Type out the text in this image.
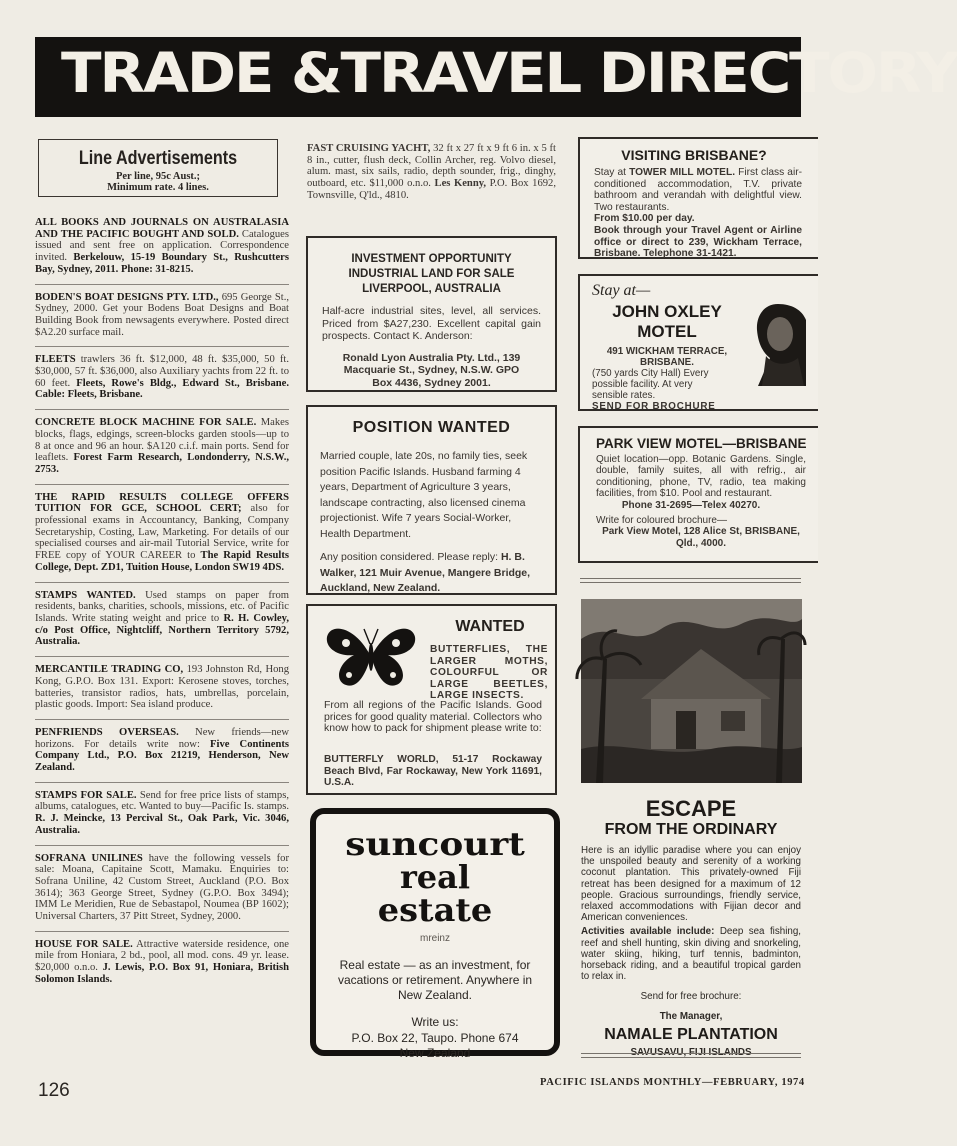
TRADE &TRAVEL DIRECTORY
Line Advertisements
Per line, 95c Aust.;
Minimum rate. 4 lines.

ALL BOOKS AND JOURNALS ON AUSTRALASIA AND THE PACIFIC BOUGHT AND SOLD. Catalogues issued and sent free on application. Correspondence invited. Berkelouw, 15-19 Boundary St., Rushcutters Bay, Sydney, 2011. Phone: 31-8215.

BODEN'S BOAT DESIGNS PTY. LTD., 695 George St., Sydney, 2000. Get your Bodens Boat Designs and Boat Building Book from newsagents everywhere. Posted direct $A2.20 surface mail.

FLEETS trawlers 36 ft. $12,000, 48 ft. $35,000, 50 ft. $30,000, 57 ft. $36,000, also Auxiliary yachts from 22 ft. to 60 feet. Fleets, Rowe's Bldg., Edward St., Brisbane. Cable: Fleets, Brisbane.

CONCRETE BLOCK MACHINE FOR SALE. Makes blocks, flags, edgings, screen-blocks garden stools—up to 8 at once and 96 an hour. $A120 c.i.f. main ports. Send for leaflets. Forest Farm Research, Londonderry, N.S.W., 2753.

THE RAPID RESULTS COLLEGE OFFERS TUITION FOR GCE, SCHOOL CERT; also for professional exams in Accountancy, Banking, Company Secretaryship, Costing, Law, Marketing. For details of our specialised courses and air-mail Tutorial Service, write for FREE copy of YOUR CAREER to The Rapid Results College, Dept. ZD1, Tuition House, London SW19 4DS.

STAMPS WANTED. Used stamps on paper from residents, banks, charities, schools, missions, etc. of Pacific Islands. Write stating weight and price to R. H. Cowley, c/o Post Office, Nightcliff, Northern Territory 5792, Australia.

MERCANTILE TRADING CO, 193 Johnston Rd, Hong Kong, G.P.O. Box 131. Export: Kerosene stoves, torches, batteries, transistor radios, hats, umbrellas, porcelain, plastic goods. Import: Sea island produce.

PENFRIENDS OVERSEAS. New friends—new horizons. For details write now: Five Continents Company Ltd., P.O. Box 21219, Henderson, New Zealand.

STAMPS FOR SALE. Send for free price lists of stamps, albums, catalogues, etc. Wanted to buy—Pacific Is. stamps. R. J. Meincke, 13 Percival St., Oak Park, Vic. 3046, Australia.

SOFRANA UNILINES have the following vessels for sale: Moana, Capitaine Scott, Mamaku. Enquiries to: Sofrana Uniline, 42 Custom Street, Auckland (P.O. Box 3614); 363 George Street, Sydney (G.P.O. Box 3494); IMM Le Meridien, Rue de Sebastapol, Noumea (BP 1602); Universal Charters, 37 Pitt Street, Sydney, 2000.

HOUSE FOR SALE. Attractive waterside residence, one mile from Honiara, 2 bd., pool, all mod. cons. 49 yr. lease. $20,000 o.n.o. J. Lewis, P.O. Box 91, Honiara, British Solomon Islands.

FAST CRUISING YACHT, 32 ft x 27 ft x 9 ft 6 in. x 5 ft 8 in., cutter, flush deck, Collin Archer, reg. Volvo diesel, alum. mast, six sails, radio, depth sounder, frig., dinghy, outboard, etc. $11,000 o.n.o. Les Kenny, P.O. Box 1692, Townsville, Q'ld., 4810.
INVESTMENT OPPORTUNITY INDUSTRIAL LAND FOR SALE LIVERPOOL, AUSTRALIA
Half-acre industrial sites, level, all services. Priced from $A27,230. Excellent capital gain prospects. Contact K. Anderson:
Ronald Lyon Australia Pty. Ltd., 139 Macquarie St., Sydney, N.S.W. GPO Box 4436, Sydney 2001.
POSITION WANTED
Married couple, late 20s, no family ties, seek position Pacific Islands. Husband farming 4 years, Department of Agriculture 3 years, landscape contracting, also licensed cinema projectionist. Wife 7 years Social-Worker, Health Department.
Any position considered. Please reply: H. B. Walker, 121 Muir Avenue, Mangere Bridge, Auckland, New Zealand.
WANTED
BUTTERFLIES, THE LARGER MOTHS, COLOURFUL OR LARGE BEETLES, LARGE INSECTS.
From all regions of the Pacific Islands. Good prices for good quality material. Collectors who know how to pack for shipment please write to:
BUTTERFLY WORLD, 51-17 Rockaway Beach Blvd, Far Rockaway, New York 11691, U.S.A.
suncourt
real
estate
mreinz
Real estate — as an investment, for vacations or retirement. Anywhere in New Zealand.
Write us:
P.O. Box 22, Taupo. Phone 674
New Zealand
VISITING BRISBANE?
Stay at TOWER MILL MOTEL. First class air-conditioned accommodation, T.V. private bathroom and verandah with delightful view. Two restaurants.
From $10.00 per day.
Book through your Travel Agent or Airline office or direct to 239, Wickham Terrace, Brisbane. Telephone 31-1421.
Stay at—
JOHN OXLEY
MOTEL
491 WICKHAM TERRACE, BRISBANE.
(750 yards City Hall) Every possible facility. At very sensible rates.
SEND FOR BROCHURE
PARK VIEW MOTEL—BRISBANE
Quiet location—opp. Botanic Gardens. Single, double, family suites, all with refrig., air conditioning, phone, TV, radio, tea making facilities, from $10. Pool and restaurant.
Phone 31-2695—Telex 40270.
Write for coloured brochure—
Park View Motel, 128 Alice St, BRISBANE, Qld., 4000.
ESCAPE
FROM THE ORDINARY
Here is an idyllic paradise where you can enjoy the unspoiled beauty and serenity of a working coconut plantation. This privately-owned Fiji retreat has been designed for a maximum of 12 people. Gracious surroundings, friendly service, relaxed accommodations with Fijian decor and American conveniences.
Activities available include: Deep sea fishing, reef and shell hunting, skin diving and snorkeling, water skiing, hiking, turf tennis, badminton, horseback riding, and a beautiful tropical garden to relax in.
Send for free brochure:
The Manager,
NAMALE PLANTATION
SAVUSAVU, FIJI ISLANDS
126	PACIFIC ISLANDS MONTHLY—FEBRUARY, 1974
